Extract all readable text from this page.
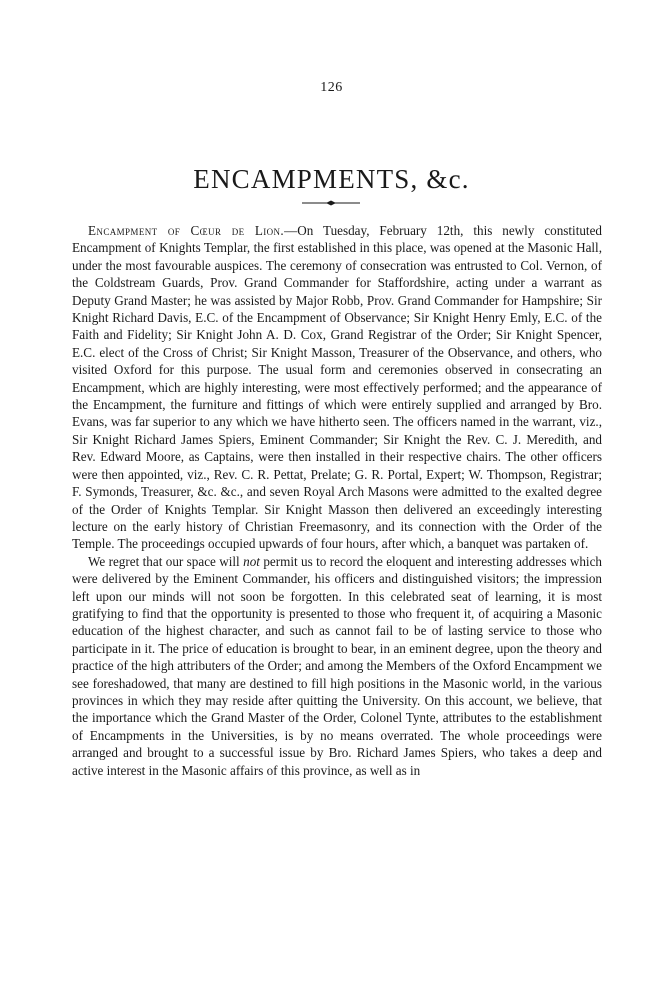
126
ENCAMPMENTS, &c.

Encampment of Cœur de Lion.—On Tuesday, February 12th, this newly constituted Encampment of Knights Templar, the first established in this place, was opened at the Masonic Hall, under the most favourable auspices. The ceremony of consecration was entrusted to Col. Vernon, of the Coldstream Guards, Prov. Grand Commander for Staffordshire, acting under a warrant as Deputy Grand Master; he was assisted by Major Robb, Prov. Grand Commander for Hampshire; Sir Knight Richard Davis, E.C. of the Encampment of Observance; Sir Knight Henry Emly, E.C. of the Faith and Fidelity; Sir Knight John A. D. Cox, Grand Registrar of the Order; Sir Knight Spencer, E.C. elect of the Cross of Christ; Sir Knight Masson, Treasurer of the Observance, and others, who visited Oxford for this purpose. The usual form and ceremonies observed in consecrating an Encampment, which are highly interesting, were most effectively performed; and the appearance of the Encampment, the furniture and fittings of which were entirely supplied and arranged by Bro. Evans, was far superior to any which we have hitherto seen. The officers named in the warrant, viz., Sir Knight Richard James Spiers, Eminent Commander; Sir Knight the Rev. C. J. Meredith, and Rev. Edward Moore, as Captains, were then installed in their respective chairs. The other officers were then appointed, viz., Rev. C. R. Pettat, Prelate; G. R. Portal, Expert; W. Thompson, Registrar; F. Symonds, Treasurer, &c. &c., and seven Royal Arch Masons were admitted to the exalted degree of the Order of Knights Templar. Sir Knight Masson then delivered an exceedingly interesting lecture on the early history of Christian Freemasonry, and its connection with the Order of the Temple. The proceedings occupied upwards of four hours, after which, a banquet was partaken of.

We regret that our space will not permit us to record the eloquent and interesting addresses which were delivered by the Eminent Commander, his officers and distinguished visitors; the impression left upon our minds will not soon be forgotten. In this celebrated seat of learning, it is most gratifying to find that the opportunity is presented to those who frequent it, of acquiring a Masonic education of the highest character, and such as cannot fail to be of lasting service to those who participate in it. The price of education is brought to bear, in an eminent degree, upon the theory and practice of the high attributers of the Order; and among the Members of the Oxford Encampment we see foreshadowed, that many are destined to fill high positions in the Masonic world, in the various provinces in which they may reside after quitting the University. On this account, we believe, that the importance which the Grand Master of the Order, Colonel Tynte, attributes to the establishment of Encampments in the Universities, is by no means overrated. The whole proceedings were arranged and brought to a successful issue by Bro. Richard James Spiers, who takes a deep and active interest in the Masonic affairs of this province, as well as in
